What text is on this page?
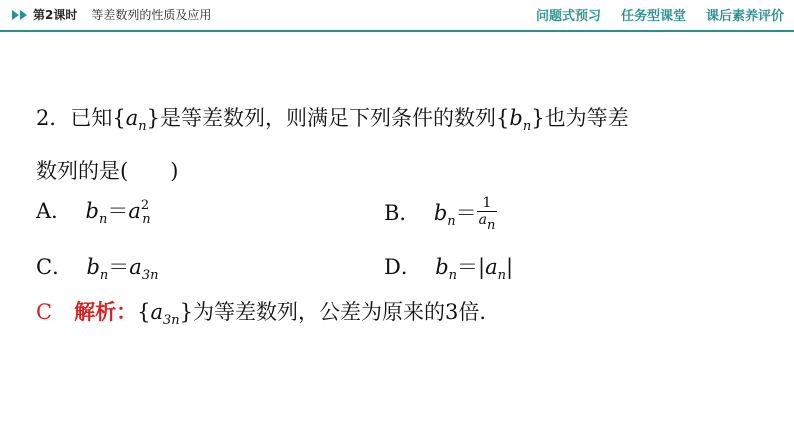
第2课时 等差数列的性质及应用	问题式预习 任务型课堂 课后素养评价
2．已知$\{a_n\}$是等差数列，则满足下列条件的数列$\{b_n\}$也为等差
数列的是(　　)
A． $b_n=a^2_n$	B． $b_n= \frac{1}{a_n}$
C． $b_n=a_{3n}$	D． $b_n=|a_n|$
C 解析：$\{a_{3n}\}$为等差数列，公差为原来的3倍．
